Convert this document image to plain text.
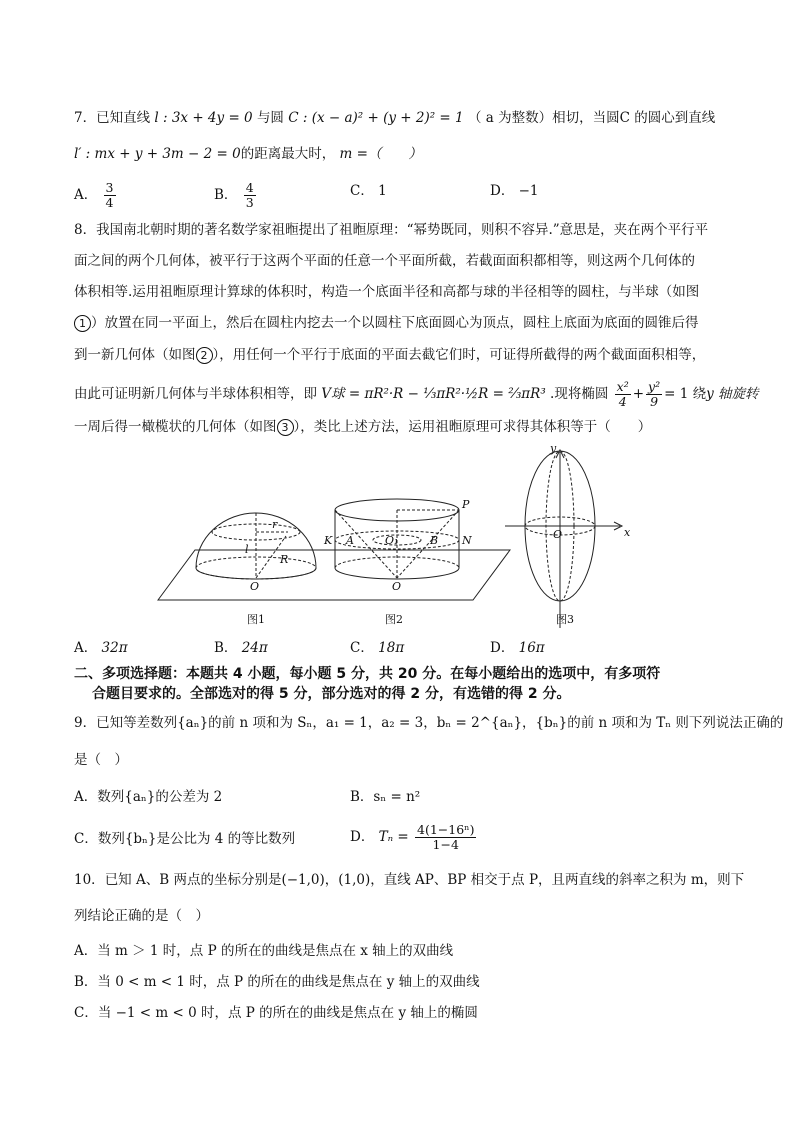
7．已知直线 l : 3x + 4y = 0 与圆 C : (x − a)² + (y + 2)² = 1 （ a 为整数）相切，当圆C 的圆心到直线
l′ : mx + y + 3m − 2 = 0的距离最大时， m =（　　）
A． $\frac{3}{4}$	B． $\frac{4}{3}$	C． 1	D． −1
8．我国南北朝时期的著名数学家祖暅提出了祖暅原理：“幂势既同，则积不容异.”意思是，夹在两个平行平
面之间的两个几何体，被平行于这两个平面的任意一个平面所截，若截面面积都相等，则这两个几何体的
体积相等.运用祖暅原理计算球的体积时，构造一个底面半径和高都与球的半径相等的圆柱，与半球（如图
1 ）放置在同一平面上，然后在圆柱内挖去一个以圆柱下底面圆心为顶点，圆柱上底面为底面的圆锥后得
到一新几何体（如图 2 ），用任何一个平行于底面的平面去截它们时，可证得所截得的两个截面面积相等，
由此可证明新几何体与半球体积相等，即 V球 = πR²·R − ⅓πR²·½R = ⅔πR³ .现将椭圆 $\frac{\text{x²}}{4} + \frac{\text{y²}}{9} = 1$ 绕y 轴旋转
一周后得一橄榄状的几何体（如图 3 ），类比上述方法，运用祖暅原理可求得其体积等于（　　）
r
l
R
O
P
K A	O₁	B N
O
y
x
O
图1	图2	图3
A． 32π	B． 24π	C． 18π	D． 16π
二、多项选择题：本题共 4 小题，每小题 5 分，共 20 分。在每小题给出的选项中，有多项符
合题目要求的。全部选对的得 5 分，部分选对的得 2 分，有选错的得 2 分。
9．已知等差数列{aₙ}的前 n 项和为 Sₙ，a₁ = 1，a₂ = 3，bₙ = 2^{aₙ}，{bₙ}的前 n 项和为 Tₙ 则下列说法正确的
是（　）
A．数列{aₙ}的公差为 2	B．sₙ = n²
C．数列{bₙ}是公比为 4 的等比数列	D． $T_n = \frac{\text{4(1−16ⁿ)}}{1-4}$
10．已知 A、B 两点的坐标分别是(−1,0)，(1,0)，直线 AP、BP 相交于点 P，且两直线的斜率之积为 m，则下
列结论正确的是（　）
A．当 m ＞ 1 时，点 P 的所在的曲线是焦点在 x 轴上的双曲线
B．当 0 < m < 1 时，点 P 的所在的曲线是焦点在 y 轴上的双曲线
C．当 −1 < m < 0 时，点 P 的所在的曲线是焦点在 y 轴上的椭圆
